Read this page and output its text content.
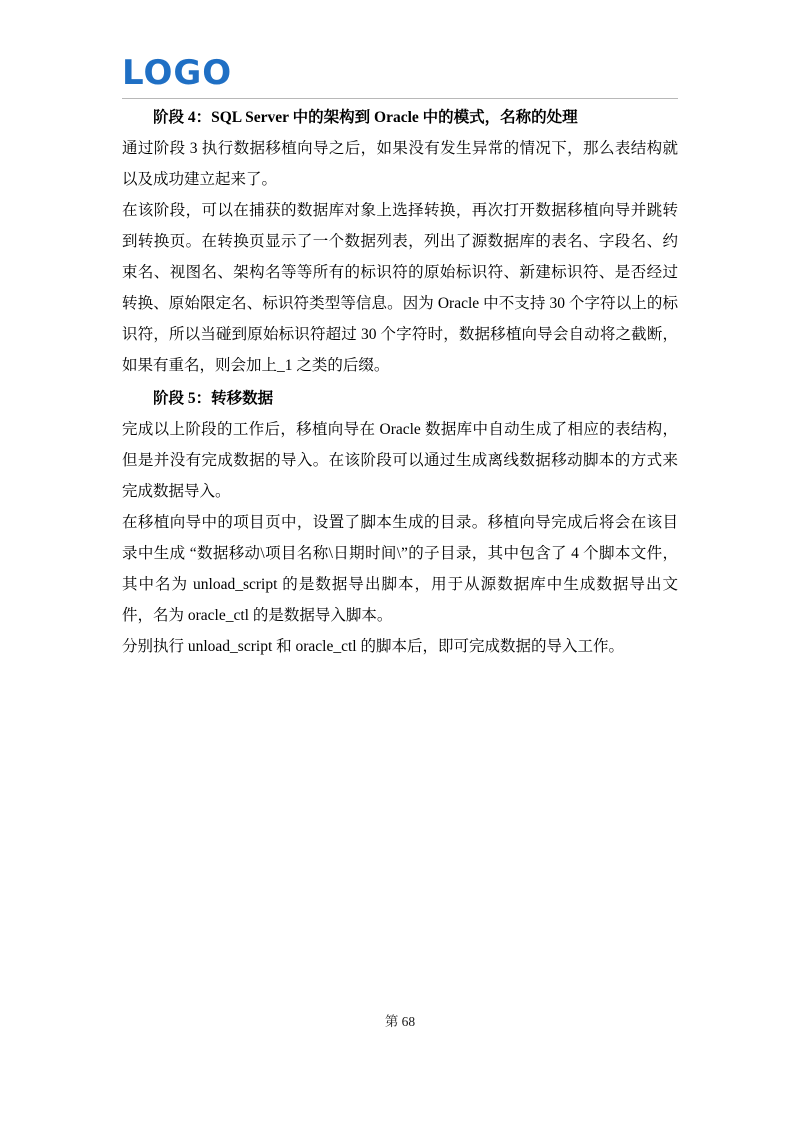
LOGO

阶段 4：SQL Server 中的架构到 Oracle 中的模式，名称的处理

通过阶段 3 执行数据移植向导之后，如果没有发生异常的情况下，那么表结构就以及成功建立起来了。

在该阶段，可以在捕获的数据库对象上选择转换，再次打开数据移植向导并跳转到转换页。在转换页显示了一个数据列表，列出了源数据库的表名、字段名、约束名、视图名、架构名等等所有的标识符的原始标识符、新建标识符、是否经过转换、原始限定名、标识符类型等信息。因为 Oracle 中不支持 30 个字符以上的标识符，所以当碰到原始标识符超过 30 个字符时，数据移植向导会自动将之截断，如果有重名，则会加上_1 之类的后缀。

阶段 5：转移数据

完成以上阶段的工作后，移植向导在 Oracle 数据库中自动生成了相应的表结构，但是并没有完成数据的导入。在该阶段可以通过生成离线数据移动脚本的方式来完成数据导入。

在移植向导中的项目页中，设置了脚本生成的目录。移植向导完成后将会在该目录中生成 “数据移动\项目名称\日期时间\”的子目录，其中包含了 4 个脚本文件，其中名为 unload_script 的是数据导出脚本，用于从源数据库中生成数据导出文件，名为 oracle_ctl 的是数据导入脚本。

分别执行 unload_script 和 oracle_ctl 的脚本后，即可完成数据的导入工作。

第 68
